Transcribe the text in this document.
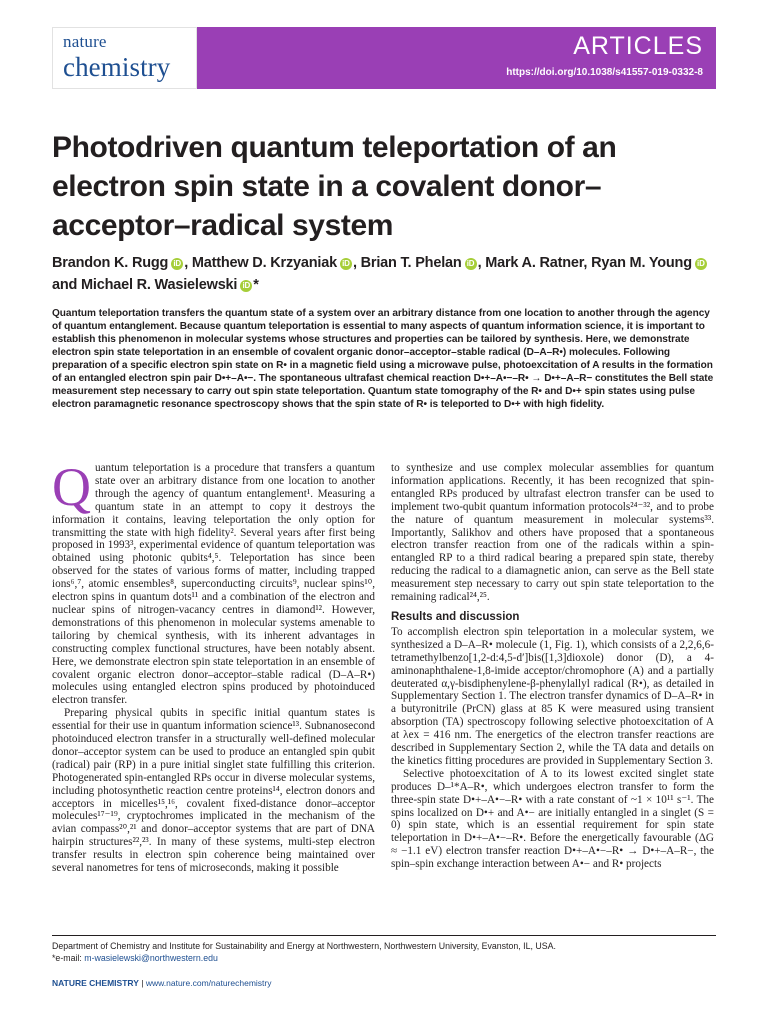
nature
chemistry
ARTICLES
https://doi.org/10.1038/s41557-019-0332-8
Photodriven quantum teleportation of an electron spin state in a covalent donor–acceptor–radical system
Brandon K. Rugg iD , Matthew D. Krzyaniak iD , Brian T. Phelan iD , Mark A. Ratner, Ryan M. Young iD
and Michael R. Wasielewski iD *

Quantum teleportation transfers the quantum state of a system over an arbitrary distance from one location to another through the agency of quantum entanglement. Because quantum teleportation is essential to many aspects of quantum information science, it is important to establish this phenomenon in molecular systems whose structures and properties can be tailored by synthesis. Here, we demonstrate electron spin state teleportation in an ensemble of covalent organic donor–acceptor–stable radical (D–A–R•) molecules. Following preparation of a specific electron spin state on R• in a magnetic field using a microwave pulse, photoexcitation of A results in the formation of an entangled electron spin pair D•+–A•−. The spontaneous ultrafast chemical reaction D•+–A•−–R• → D•+–A–R− constitutes the Bell state measurement step necessary to carry out spin state teleportation. Quantum state tomography of the R• and D•+ spin states using pulse electron paramagnetic resonance spectroscopy shows that the spin state of R• is teleported to D•+ with high fidelity.

Quantum teleportation is a procedure that transfers a quantum state over an arbitrary distance from one location to another through the agency of quantum entanglement¹. Measuring a quantum state in an attempt to copy it destroys the information it contains, leaving teleportation the only option for transmitting the state with high fidelity². Several years after first being proposed in 1993³, experimental evidence of quantum teleportation was obtained using photonic qubits⁴,⁵. Teleportation has since been observed for the states of various forms of matter, including trapped ions⁶,⁷, atomic ensembles⁸, superconducting circuits⁹, nuclear spins¹⁰, electron spins in quantum dots¹¹ and a combination of the electron and nuclear spins of nitrogen-vacancy centres in diamond¹². However, demonstrations of this phenomenon in molecular systems amenable to tailoring by chemical synthesis, with its inherent advantages in constructing complex functional structures, have been notably absent. Here, we demonstrate electron spin state teleportation in an ensemble of covalent organic electron donor–acceptor–stable radical (D–A–R•) molecules using entangled electron spins produced by photoinduced electron transfer.

Preparing physical qubits in specific initial quantum states is essential for their use in quantum information science¹³. Subnanosecond photoinduced electron transfer in a structurally well-defined molecular donor–acceptor system can be used to produce an entangled spin qubit (radical) pair (RP) in a pure initial singlet state fulfilling this criterion. Photogenerated spin-entangled RPs occur in diverse molecular systems, including photosynthetic reaction centre proteins¹⁴, electron donors and acceptors in micelles¹⁵,¹⁶, covalent fixed-distance donor–acceptor molecules¹⁷⁻¹⁹, cryptochromes implicated in the mechanism of the avian compass²⁰,²¹ and donor–acceptor systems that are part of DNA hairpin structures²²,²³. In many of these systems, multi-step electron transfer results in electron spin coherence being maintained over several nanometres for tens of microseconds, making it possible

to synthesize and use complex molecular assemblies for quantum information applications. Recently, it has been recognized that spin-entangled RPs produced by ultrafast electron transfer can be used to implement two-qubit quantum information protocols²⁴⁻³², and to probe the nature of quantum measurement in molecular systems³³. Importantly, Salikhov and others have proposed that a spontaneous electron transfer reaction from one of the radicals within a spin-entangled RP to a third radical bearing a prepared spin state, thereby reducing the radical to a diamagnetic anion, can serve as the Bell state measurement step necessary to carry out spin state teleportation to the remaining radical²⁴,²⁵.

Results and discussion

To accomplish electron spin teleportation in a molecular system, we synthesized a D–A–R• molecule (1, Fig. 1), which consists of a 2,2,6,6-tetramethylbenzo[1,2-d:4,5-d′]bis([1,3]dioxole) donor (D), a 4-aminonaphthalene-1,8-imide acceptor/chromophore (A) and a partially deuterated α,γ-bisdiphenylene-β-phenylallyl radical (R•), as detailed in Supplementary Section 1. The electron transfer dynamics of D–A–R• in a butyronitrile (PrCN) glass at 85 K were measured using transient absorption (TA) spectroscopy following selective photoexcitation of A at λex = 416 nm. The energetics of the electron transfer reactions are described in Supplementary Section 2, while the TA data and details on the kinetics fitting procedures are provided in Supplementary Section 3.

Selective photoexcitation of A to its lowest excited singlet state produces D–¹*A–R•, which undergoes electron transfer to form the three-spin state D•+–A•−–R• with a rate constant of ~1 × 10¹¹ s⁻¹. The spins localized on D•+ and A•− are initially entangled in a singlet (S = 0) spin state, which is an essential requirement for spin state teleportation in D•+–A•−–R•. Before the energetically favourable (ΔG ≈ −1.1 eV) electron transfer reaction D•+–A•−–R• → D•+–A–R−, the spin–spin exchange interaction between A•− and R• projects

Department of Chemistry and Institute for Sustainability and Energy at Northwestern, Northwestern University, Evanston, IL, USA.
*e-mail: m-wasielewski@northwestern.edu
NATURE CHEMISTRY | www.nature.com/naturechemistry
